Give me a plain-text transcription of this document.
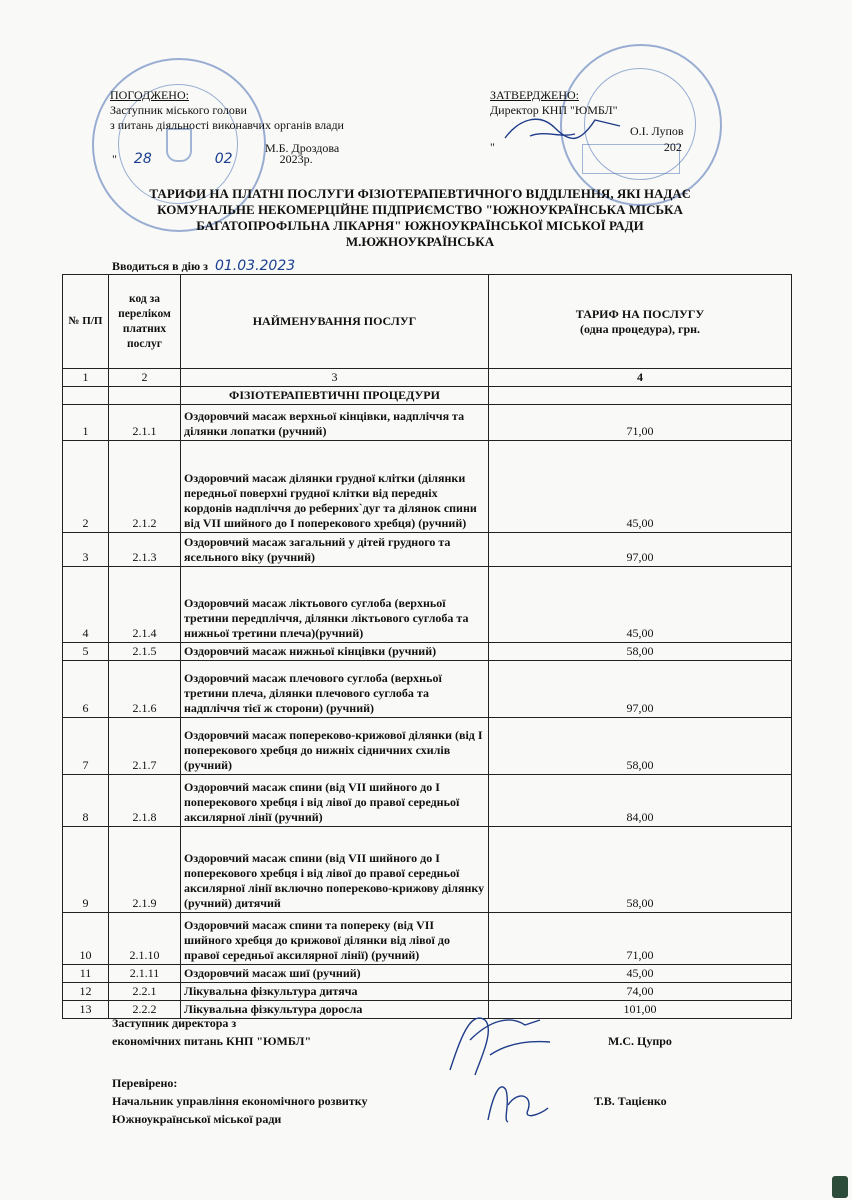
ПОГОДЖЕНО:
Заступник міського голови
з питань діяльності виконавчих органів влади
М.Б. Дроздова
" 28	02	2023р.
ЗАТВЕРДЖЕНО:
Директор КНП "ЮМБЛ"
О.І. Лупов
"	202
ТАРИФИ НА ПЛАТНІ ПОСЛУГИ ФІЗІОТЕРАПЕВТИЧНОГО ВІДДІЛЕННЯ, ЯКІ НАДАЄ
КОМУНАЛЬНЕ НЕКОМЕРЦІЙНЕ ПІДПРИЄМСТВО "ЮЖНОУКРАЇНСЬКА МІСЬКА
БАГАТОПРОФІЛЬНА ЛІКАРНЯ" ЮЖНОУКРАЇНСЬКОЇ МІСЬКОЇ РАДИ
М.ЮЖНОУКРАЇНСЬКА
Вводиться в дію з 01.03.2023
№ П/П	код за переліком платних послуг	НАЙМЕНУВАННЯ ПОСЛУГ	ТАРИФ НА ПОСЛУГУ
(одна процедура), грн.

1	2	3	4
		ФІЗІОТЕРАПЕВТИЧНІ ПРОЦЕДУРИ	
1	2.1.1	Оздоровчий масаж верхньої кінцівки, надпліччя та ділянки лопатки (ручний)	71,00
2	2.1.2	Оздоровчий масаж ділянки грудної клітки (ділянки передньої поверхні грудної клітки від передніх кордонів надпліччя до реберних`дуг та ділянок спини від VII шийного до I поперекового хребця) (ручний)	45,00
3	2.1.3	Оздоровчий масаж загальний у дітей грудного та ясельного віку (ручний)	97,00
4	2.1.4	Оздоровчий масаж ліктьового суглоба (верхньої третини передпліччя, ділянки ліктьового суглоба та нижньої третини плеча)(ручний)	45,00
5	2.1.5	Оздоровчий масаж нижньої кінцівки (ручний)	58,00
6	2.1.6	Оздоровчий масаж плечового суглоба (верхньої третини плеча, ділянки плечового суглоба та надпліччя тієї ж сторони) (ручний)	97,00
7	2.1.7	Оздоровчий масаж попереково-крижової ділянки (від I поперекового хребця до нижніх сідничних схилів (ручний)	58,00
8	2.1.8	Оздоровчий масаж спини (від VII шийного до I поперекового хребця і від лівої до правої середньої аксилярної лінії (ручний)	84,00
9	2.1.9	Оздоровчий масаж спини (від VII шийного до I поперекового хребця і від лівої до правої середньої аксилярної лінії включно попереково-крижову ділянку (ручний) дитячий	58,00
10	2.1.10	Оздоровчий масаж спини та попереку (від VII шийного хребця до крижової ділянки від лівої до правої середньої аксилярної лінії) (ручний)	71,00
11	2.1.11	Оздоровчий масаж шиї (ручний)	45,00
12	2.2.1	Лікувальна фізкультура дитяча	74,00
13	2.2.2	Лікувальна фізкультура доросла	101,00
Заступник директора з
економічних питань КНП "ЮМБЛ"	М.С. Цупро
Перевірено:
Начальник управління економічного розвитку
Южноукраїнської міської ради
Т.В. Тацієнко
